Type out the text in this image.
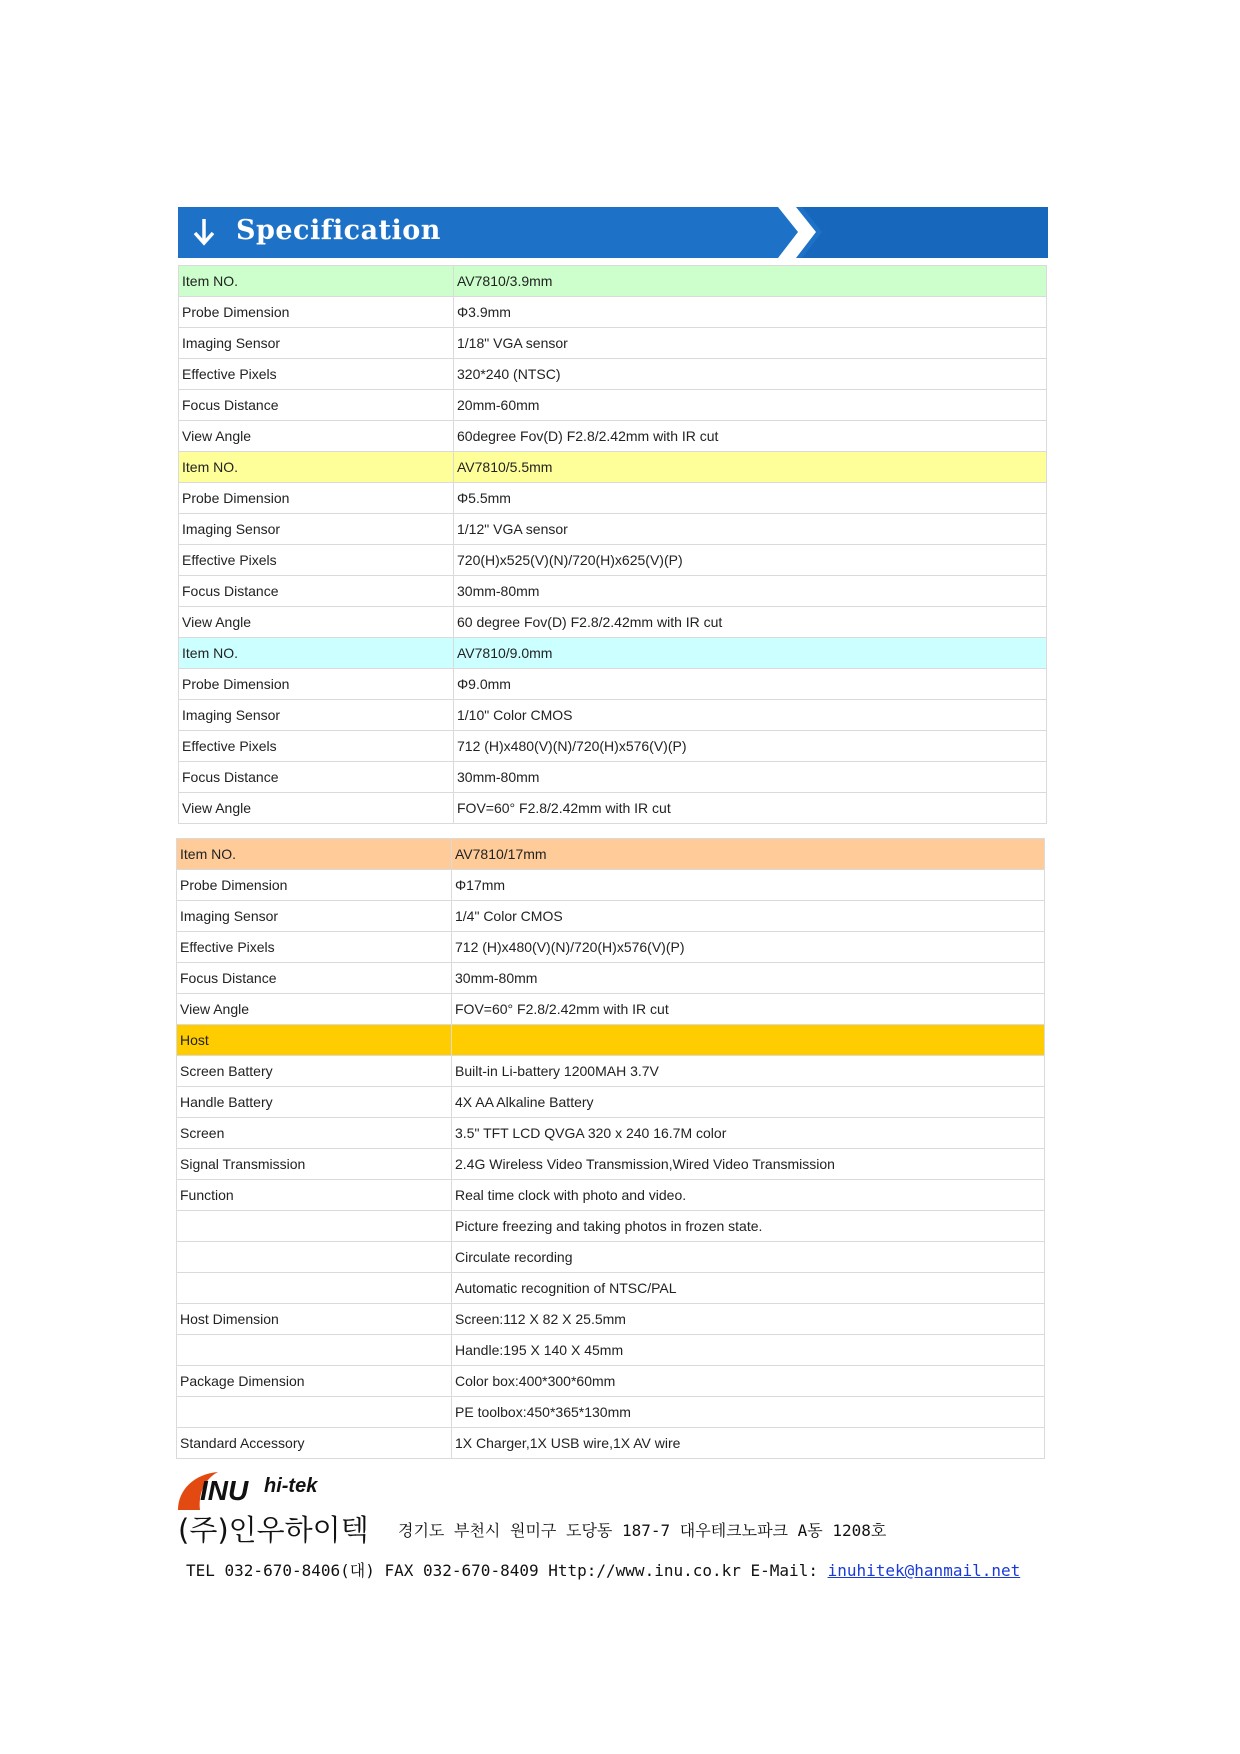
Specification
Item NO.	AV7810/3.9mm
Probe Dimension	Φ3.9mm
Imaging Sensor	1/18" VGA sensor
Effective Pixels	320*240 (NTSC)
Focus Distance	20mm-60mm
View Angle	60degree Fov(D) F2.8/2.42mm with IR cut
Item NO.	AV7810/5.5mm
Probe Dimension	Φ5.5mm
Imaging Sensor	1/12" VGA sensor
Effective Pixels	720(H)x525(V)(N)/720(H)x625(V)(P)
Focus Distance	30mm-80mm
View Angle	60 degree Fov(D) F2.8/2.42mm with IR cut
Item NO.	AV7810/9.0mm
Probe Dimension	Φ9.0mm
Imaging Sensor	1/10" Color CMOS
Effective Pixels	712 (H)x480(V)(N)/720(H)x576(V)(P)
Focus Distance	30mm-80mm
View Angle	FOV=60° F2.8/2.42mm with IR cut
Item NO.	AV7810/17mm
Probe Dimension	Φ17mm
Imaging Sensor	1/4" Color CMOS
Effective Pixels	712 (H)x480(V)(N)/720(H)x576(V)(P)
Focus Distance	30mm-80mm
View Angle	FOV=60° F2.8/2.42mm with IR cut
Host	
Screen Battery	Built-in Li-battery 1200MAH 3.7V
Handle Battery	4X AA Alkaline Battery
Screen	3.5" TFT LCD QVGA 320 x 240 16.7M color
Signal Transmission	2.4G Wireless Video Transmission,Wired Video Transmission
Function	Real time clock with photo and video.
	Picture freezing and taking photos in frozen state.
	Circulate recording
	Automatic recognition of NTSC/PAL
Host Dimension	Screen:112 X 82 X 25.5mm
	Handle:195 X 140 X 45mm
Package Dimension	Color box:400*300*60mm
	PE toolbox:450*365*130mm
Standard Accessory	1X Charger,1X USB wire,1X AV wire
INU hi-tek
(주)인우하이텍 경기도 부천시 원미구 도당동 187-7 대우테크노파크 A동 1208호
TEL 032-670-8406(대) FAX 032-670-8409 Http://www.inu.co.kr E-Mail: inuhitek@hanmail.net
